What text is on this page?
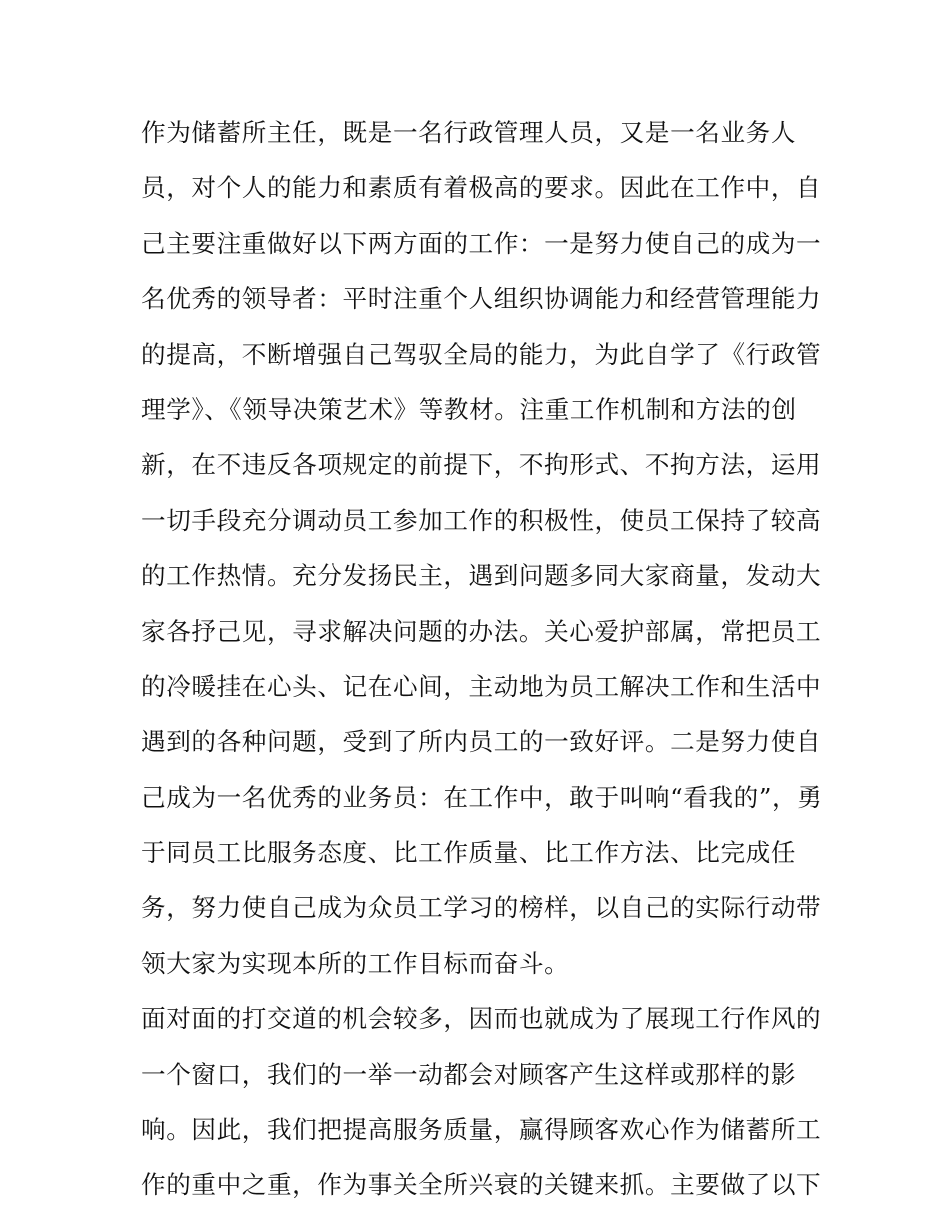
作为储蓄所主任，既是一名行政管理人员，又是一名业务人
员，对个人的能力和素质有着极高的要求。因此在工作中，自
己主要注重做好以下两方面的工作：一是努力使自己的成为一
名优秀的领导者：平时注重个人组织协调能力和经营管理能力
的提高，不断增强自己驾驭全局的能力，为此自学了《行政管
理学》、《领导决策艺术》等教材。注重工作机制和方法的创
新，在不违反各项规定的前提下，不拘形式、不拘方法，运用
一切手段充分调动员工参加工作的积极性，使员工保持了较高
的工作热情。充分发扬民主，遇到问题多同大家商量，发动大
家各抒己见，寻求解决问题的办法。关心爱护部属，常把员工
的冷暖挂在心头、记在心间，主动地为员工解决工作和生活中
遇到的各种问题，受到了所内员工的一致好评。二是努力使自
己成为一名优秀的业务员：在工作中，敢于叫响“看我的”，勇
于同员工比服务态度、比工作质量、比工作方法、比完成任
务，努力使自己成为众员工学习的榜样，以自己的实际行动带
领大家为实现本所的工作目标而奋斗。
面对面的打交道的机会较多，因而也就成为了展现工行作风的
一个窗口，我们的一举一动都会对顾客产生这样或那样的影
响。因此，我们把提高服务质量，赢得顾客欢心作为储蓄所工
作的重中之重，作为事关全所兴衰的关键来抓。主要做了以下
